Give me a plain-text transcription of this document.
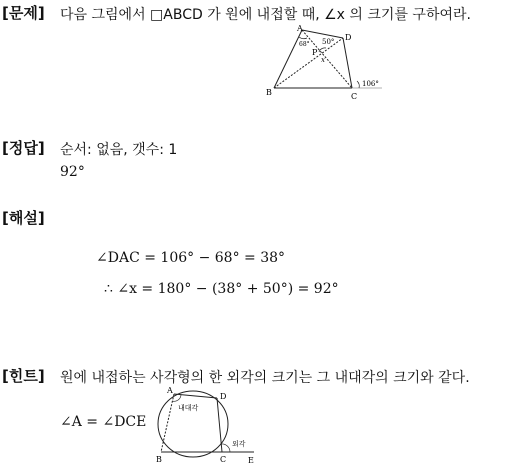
[문제] 다음 그림에서 □ABCD 가 원에 내접할 때, ∠x 의 크기를 구하여라.
A
D
P
B	C
68° 50°
x
106°
[정답] 순서: 없음, 갯수: 1
92°
[해설]
∠DAC = 106° − 68° = 38°
∴ ∠x = 180° − (38° + 50°) = 92°
[힌트] 원에 내접하는 사각형의 한 외각의 크기는 그 내대각의 크기와 같다.
∠A = ∠DCE
A
D
B	C	E
내대각
외각
